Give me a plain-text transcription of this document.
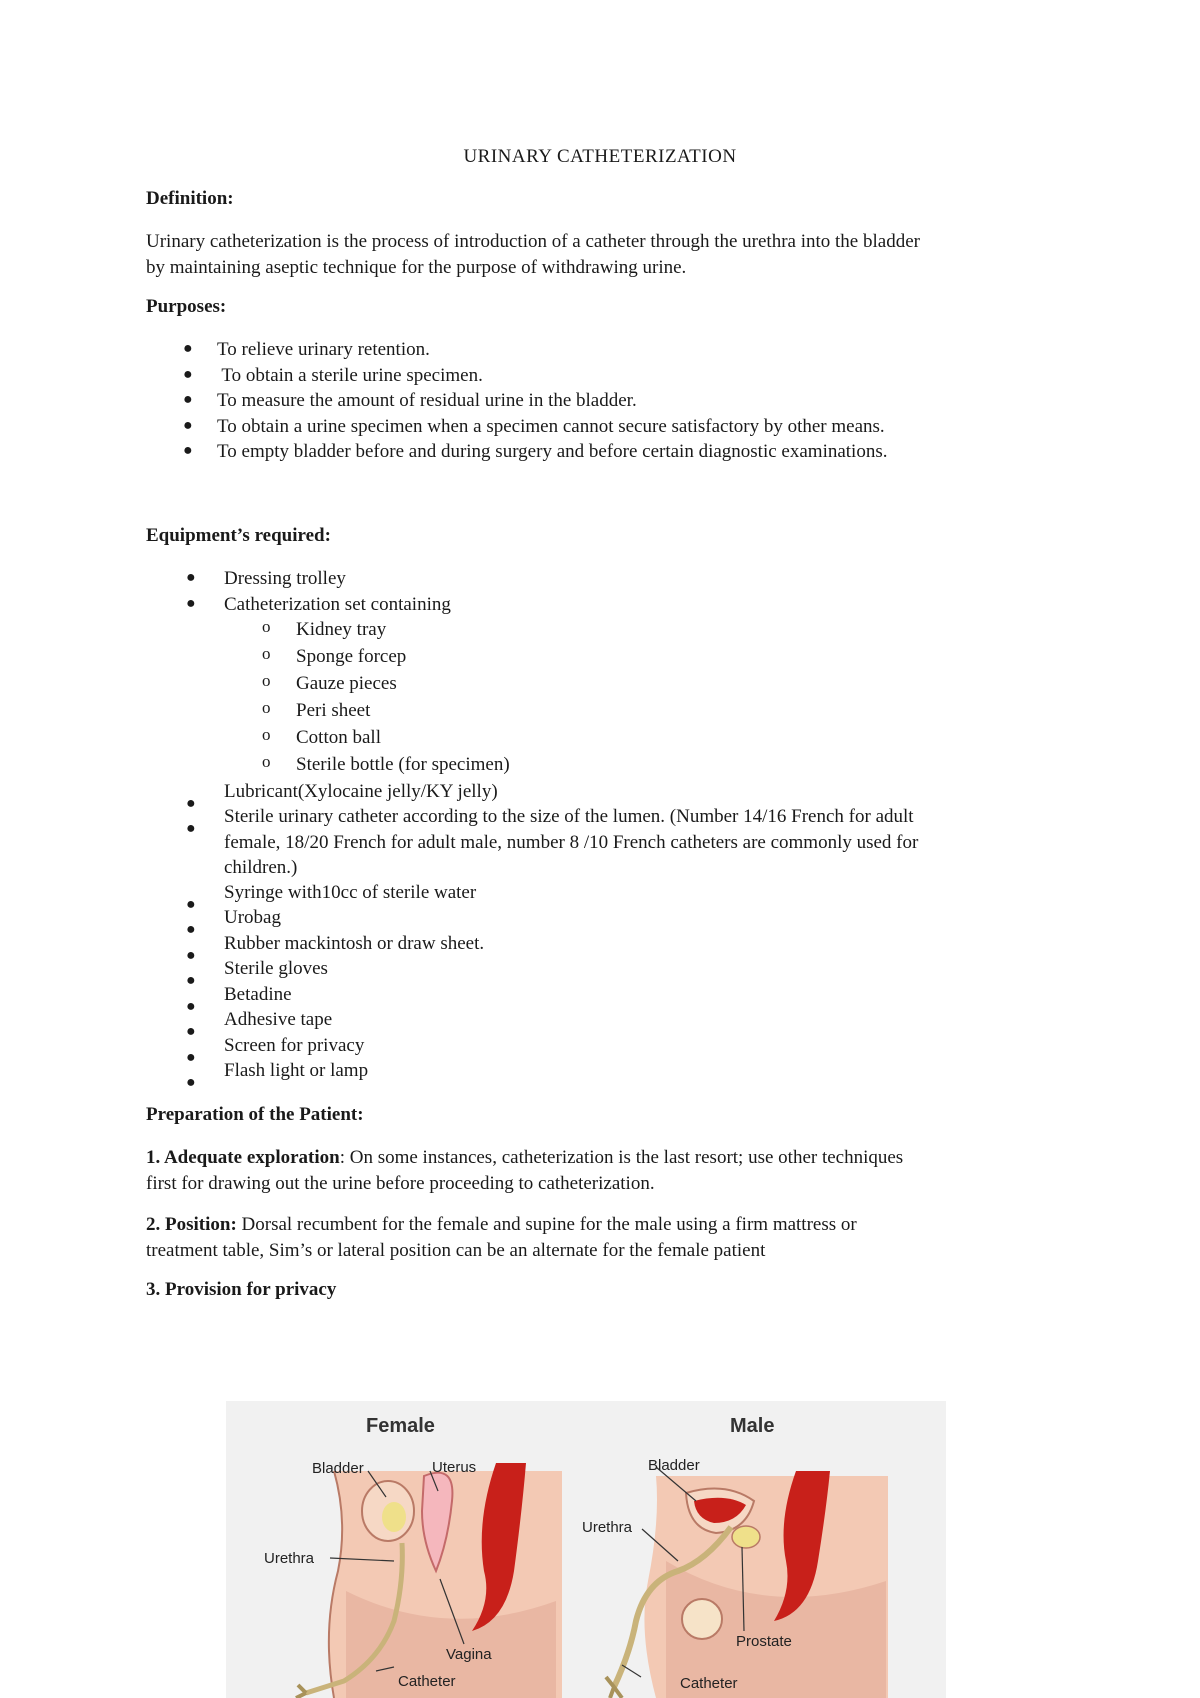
URINARY CATHETERIZATION
Definition:
Urinary catheterization is the process of introduction of a catheter through the urethra into the bladder
by maintaining aseptic technique for the purpose of withdrawing urine.
Purposes:
● To relieve urinary retention.
● To obtain a sterile urine specimen.
● To measure the amount of residual urine in the bladder.
● To obtain a urine specimen when a specimen cannot secure satisfactory by other means.
● To empty bladder before and during surgery and before certain diagnostic examinations.
Equipment’s required:
● Dressing trolley
● Catheterization set containing
o Kidney tray
o Sponge forcep
o Gauze pieces
o Peri sheet
o Cotton ball
o Sterile bottle (for specimen)
●
Lubricant(Xylocaine jelly/KY jelly)
●
Sterile urinary catheter according to the size of the lumen. (Number 14/16 French for adult
female, 18/20 French for adult male, number 8 /10 French catheters are commonly used for
children.)
●
Syringe with10cc of sterile water
●
Urobag
●
Rubber mackintosh or draw sheet.
●
Sterile gloves
●
Betadine
●
Adhesive tape
●
Screen for privacy
●
Flash light or lamp
Preparation of the Patient:
1. Adequate exploration: On some instances, catheterization is the last resort; use other techniques
first for drawing out the urine before proceeding to catheterization.
2. Position: Dorsal recumbent for the female and supine for the male using a firm mattress or
treatment table, Sim’s or lateral position can be an alternate for the female patient
3. Provision for privacy
Female
Bladder	Uterus
Urethra
Vagina
Catheter
Male
Bladder
Urethra
Prostate
Catheter
